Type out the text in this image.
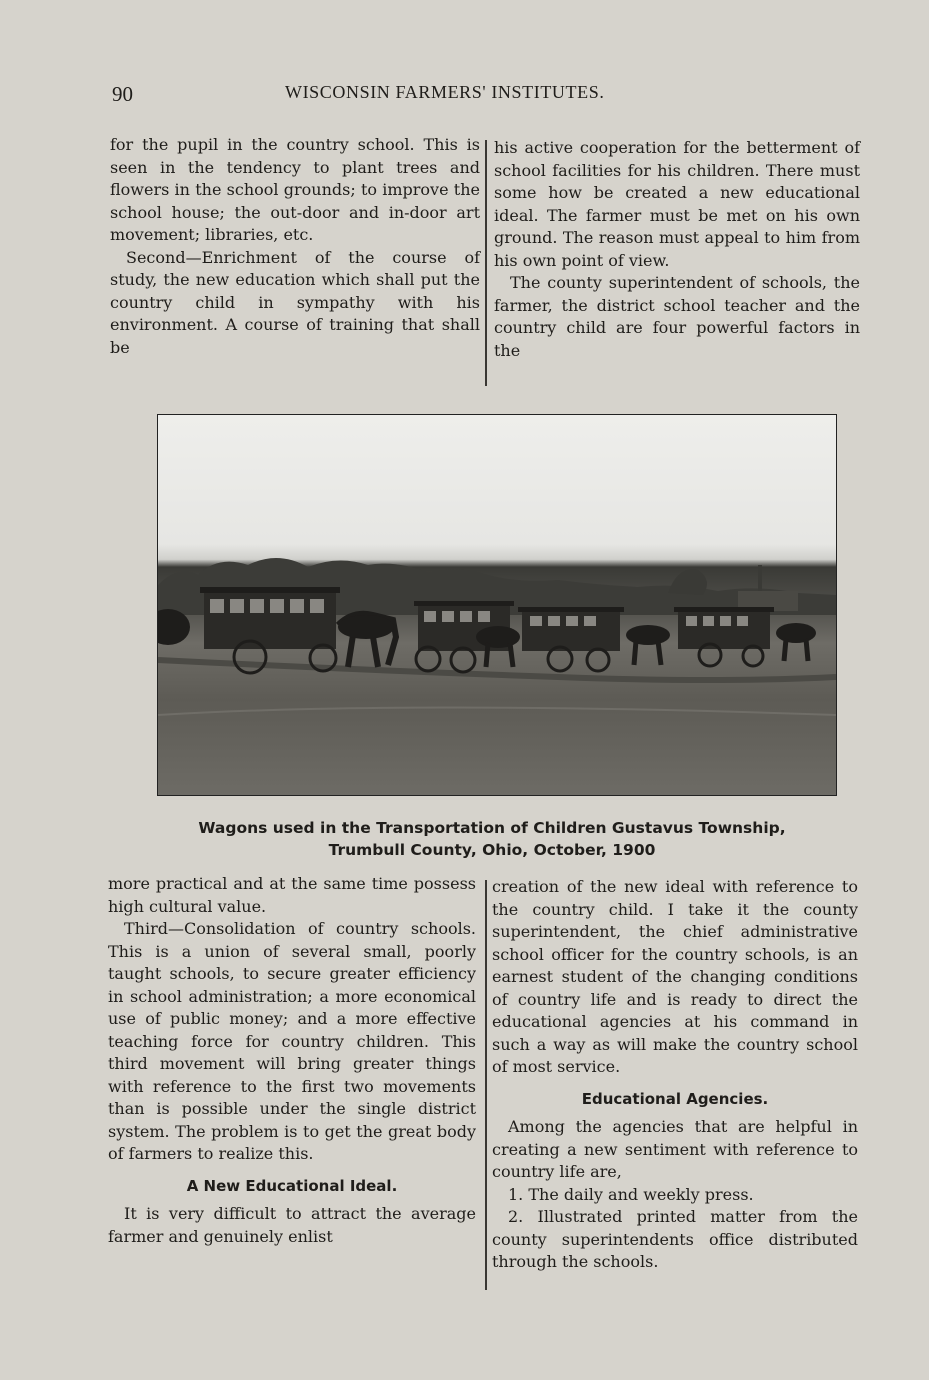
90	WISCONSIN FARMERS' INSTITUTES.

for the pupil in the country school. This is seen in the tendency to plant trees and flowers in the school grounds; to improve the school house; the out-door and in-door art movement; libraries, etc.

Second—Enrichment of the course of study, the new education which shall put the country child in sympathy with his environment. A course of training that shall be

his active cooperation for the betterment of school facilities for his children. There must some how be created a new educational ideal. The farmer must be met on his own ground. The reason must appeal to him from his own point of view.

The county superintendent of schools, the farmer, the district school teacher and the country child are four powerful factors in the

Wagons used in the Transportation of Children Gustavus Township,
Trumbull County, Ohio, October, 1900

more practical and at the same time possess high cultural value.

Third—Consolidation of country schools. This is a union of several small, poorly taught schools, to secure greater efficiency in school administration; a more economical use of public money; and a more effective teaching force for country children. This third movement will bring greater things with reference to the first two movements than is possible under the single district system. The problem is to get the great body of farmers to realize this.

A New Educational Ideal.

It is very difficult to attract the average farmer and genuinely enlist

creation of the new ideal with reference to the country child. I take it the county superintendent, the chief administrative school officer for the country schools, is an earnest student of the changing conditions of country life and is ready to direct the educational agencies at his command in such a way as will make the country school of most service.

Educational Agencies.

Among the agencies that are helpful in creating a new sentiment with reference to country life are,

1. The daily and weekly press.

2. Illustrated printed matter from the county superintendents office distributed through the schools.
